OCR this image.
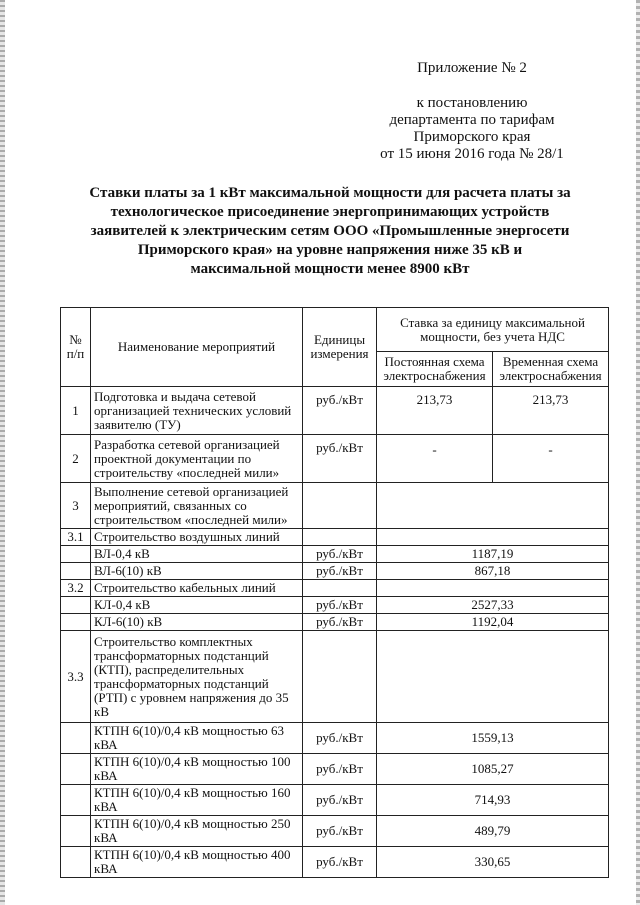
Приложение № 2
к постановлению
департамента по тарифам
Приморского края
от 15 июня 2016 года № 28/1
Ставки платы за 1 кВт максимальной мощности для расчета платы за
технологическое присоединение энергопринимающих устройств
заявителей к электрическим сетям ООО «Промышленные энергосети
Приморского края» на уровне напряжения ниже 35 кВ и
максимальной мощности менее 8900 кВт
№ п/п	Наименование мероприятий	Единицы измерения	Ставка за единицу максимальной мощности, без учета НДС	
			Постоянная схема электроснабжения	Временная схема электроснабжения
1	Подготовка и выдача сетевой организацией технических условий заявителю (ТУ)	руб./кВт	213,73	213,73
2	Разработка сетевой организацией проектной документации по строительству «последней мили»	руб./кВт	-	-
3	Выполнение сетевой организацией мероприятий, связанных со строительством «последней мили»			
3.1	Строительство воздушных линий			
	ВЛ-0,4 кВ	руб./кВт	1187,19	
	ВЛ-6(10) кВ	руб./кВт	867,18	
3.2	Строительство кабельных линий			
	КЛ-0,4 кВ	руб./кВт	2527,33	
	КЛ-6(10) кВ	руб./кВт	1192,04	
3.3	Строительство комплектных трансформаторных подстанций (КТП), распределительных трансформаторных подстанций (РТП) с уровнем напряжения до 35 кВ			
	КТПН 6(10)/0,4 кВ мощностью 63 кВА	руб./кВт	1559,13	
	КТПН 6(10)/0,4 кВ мощностью 100 кВА	руб./кВт	1085,27	
	КТПН 6(10)/0,4 кВ мощностью 160 кВА	руб./кВт	714,93	
	КТПН 6(10)/0,4 кВ мощностью 250 кВА	руб./кВт	489,79	
	КТПН 6(10)/0,4 кВ мощностью 400 кВА	руб./кВт	330,65	
